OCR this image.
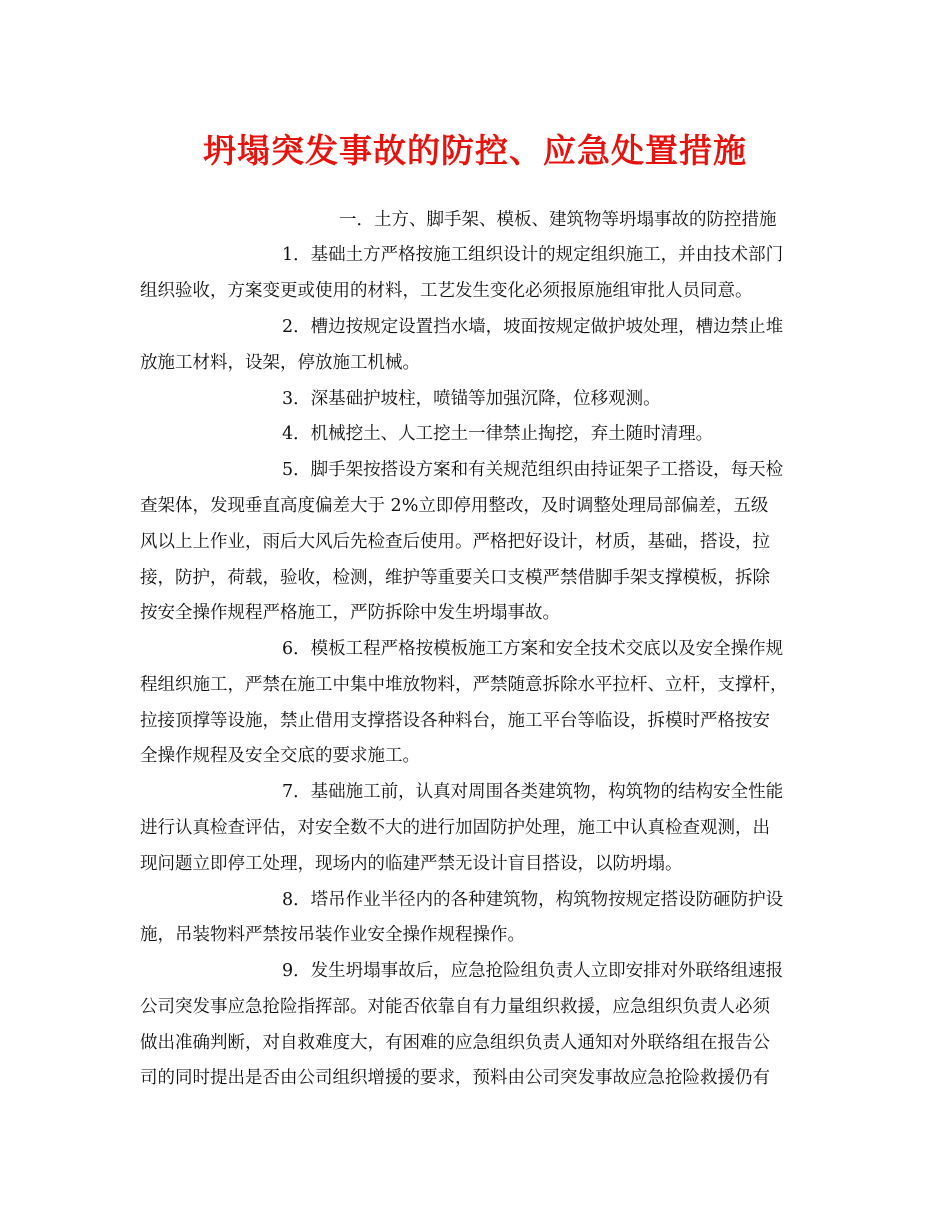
坍塌突发事故的防控、应急处置措施
一．土方、脚手架、模板、建筑物等坍塌事故的防控措施
1．基础土方严格按施工组织设计的规定组织施工，并由技术部门
组织验收，方案变更或使用的材料，工艺发生变化必须报原施组审批人员同意。
2．槽边按规定设置挡水墙，坡面按规定做护坡处理，槽边禁止堆
放施工材料，设架，停放施工机械。
3．深基础护坡柱，喷锚等加强沉降，位移观测。
4．机械挖土、人工挖土一律禁止掏挖，弃土随时清理。
5．脚手架按搭设方案和有关规范组织由持证架子工搭设，每天检
查架体，发现垂直高度偏差大于 2%立即停用整改，及时调整处理局部偏差，五级
风以上上作业，雨后大风后先检查后使用。严格把好设计，材质，基础，搭设，拉
接，防护，荷载，验收，检测，维护等重要关口支模严禁借脚手架支撑模板，拆除
按安全操作规程严格施工，严防拆除中发生坍塌事故。
6．模板工程严格按模板施工方案和安全技术交底以及安全操作规
程组织施工，严禁在施工中集中堆放物料，严禁随意拆除水平拉杆、立杆，支撑杆，
拉接顶撑等设施，禁止借用支撑搭设各种料台，施工平台等临设，拆模时严格按安
全操作规程及安全交底的要求施工。
7．基础施工前，认真对周围各类建筑物，构筑物的结构安全性能
进行认真检查评估，对安全数不大的进行加固防护处理，施工中认真检查观测，出
现问题立即停工处理，现场内的临建严禁无设计盲目搭设，以防坍塌。
8．塔吊作业半径内的各种建筑物，构筑物按规定搭设防砸防护设
施，吊装物料严禁按吊装作业安全操作规程操作。
9．发生坍塌事故后，应急抢险组负责人立即安排对外联络组速报
公司突发事应急抢险指挥部。对能否依靠自有力量组织救援，应急组织负责人必须
做出准确判断，对自救难度大，有困难的应急组织负责人通知对外联络组在报告公
司的同时提出是否由公司组织增援的要求，预料由公司突发事故应急抢险救援仍有
